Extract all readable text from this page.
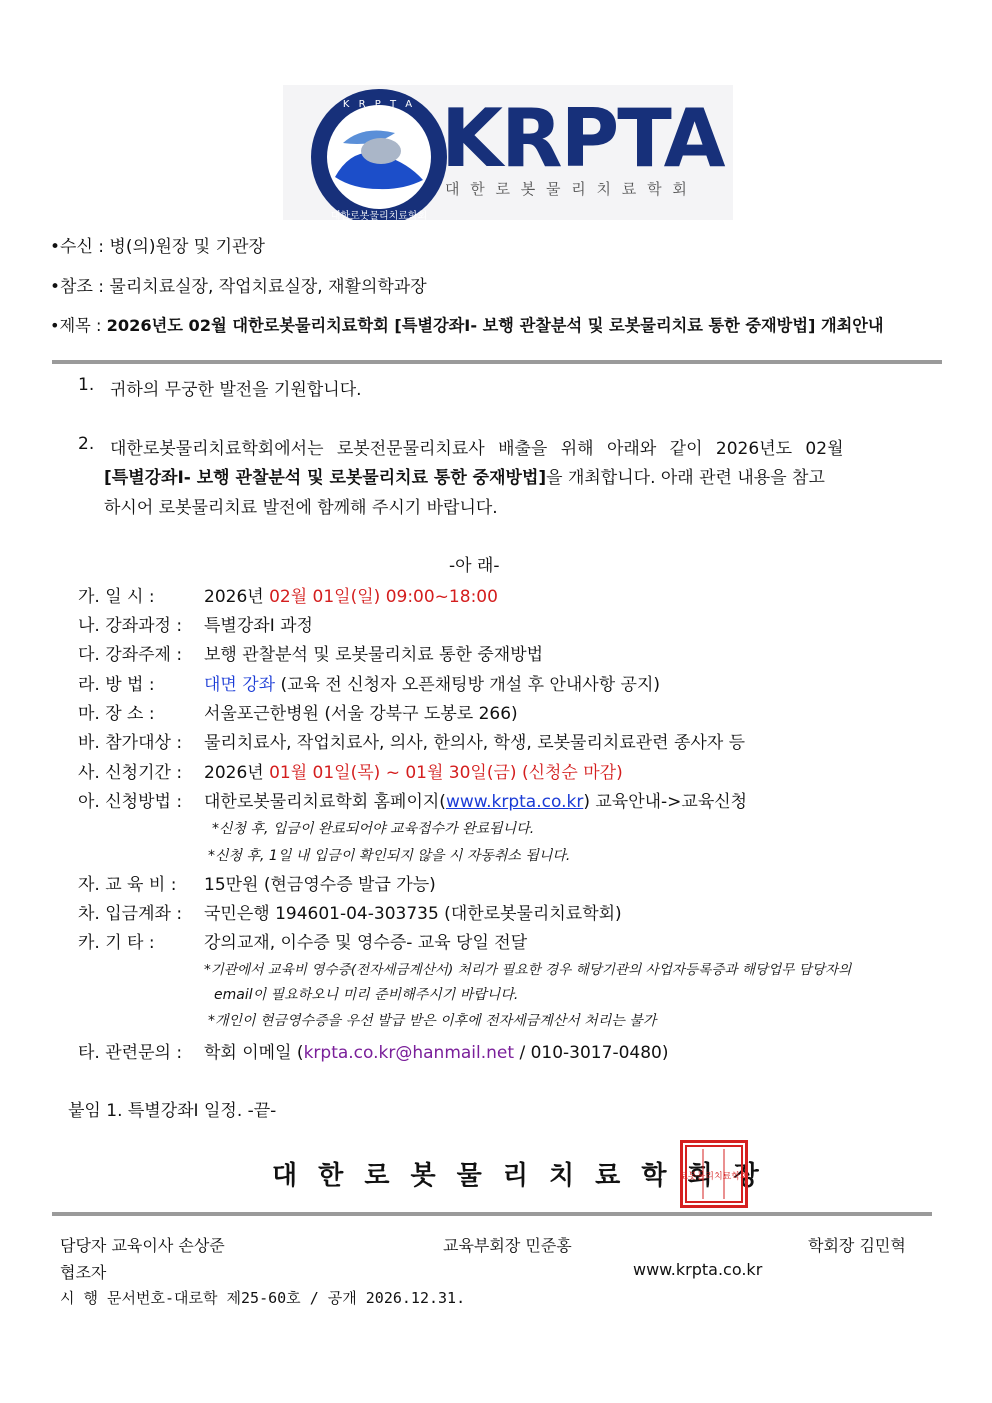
K R P T A
대한로봇물리치료학회
KRPTA
대 한 로 봇 물 리 치 료 학 회
•수신 : 병(의)원장 및 기관장
•참조 : 물리치료실장, 작업치료실장, 재활의학과장
•제목 : 2026년도 02월 대한로봇물리치료학회 [특별강좌I- 보행 관찰분석 및 로봇물리치료 통한 중재방법] 개최안내
1. 귀하의 무궁한 발전을 기원합니다.
2. 대한로봇물리치료학회에서는 로봇전문물리치료사 배출을 위해 아래와 같이 2026년도 02월
[특별강좌I- 보행 관찰분석 및 로봇물리치료 통한 중재방법]을 개최합니다. 아래 관련 내용을 참고
하시어 로봇물리치료 발전에 함께해 주시기 바랍니다.
-아 래-
가. 일 시 :	2026년 02월 01일(일) 09:00~18:00
나. 강좌과정 : 특별강좌I 과정
다. 강좌주제 : 보행 관찰분석 및 로봇물리치료 통한 중재방법
라. 방 법 :	대면 강좌 (교육 전 신청자 오픈채팅방 개설 후 안내사항 공지)
마. 장 소 :	서울포근한병원 (서울 강북구 도봉로 266)
바. 참가대상 : 물리치료사, 작업치료사, 의사, 한의사, 학생, 로봇물리치료관련 종사자 등
사. 신청기간 : 2026년 01월 01일(목) ~ 01월 30일(금) (신청순 마감)
아. 신청방법 : 대한로봇물리치료학회 홈페이지(www.krpta.co.kr) 교육안내->교육신청
*신청 후, 입금이 완료되어야 교육접수가 완료됩니다.
*신청 후, 1일 내 입금이 확인되지 않을 시 자동취소 됩니다.
자. 교 육 비 : 15만원 (현금영수증 발급 가능)
차. 입금계좌 : 국민은행 194601-04-303735 (대한로봇물리치료학회)
카. 기 타 :	강의교재, 이수증 및 영수증- 교육 당일 전달
*기관에서 교육비 영수증(전자세금계산서) 처리가 필요한 경우 해당기관의 사업자등록증과 해당업무 담당자의
email이 필요하오니 미리 준비해주시기 바랍니다.
*개인이 현금영수증을 우선 발급 받은 이후에 전자세금계산서 처리는 불가
타. 관련문의 : 학회 이메일 (krpta.co.kr@hanmail.net / 010-3017-0480)
붙임 1. 특별강좌I 일정. -끝-
대 한 로 봇 물 리 치 료 학 회 장
로봇물리치료학회
담당자 교육이사 손상준	교육부회장 민준홍	학회장 김민혁
협조자	www.krpta.co.kr
시 행 문서번호-대로학 제25-60호 / 공개 2026.12.31.
